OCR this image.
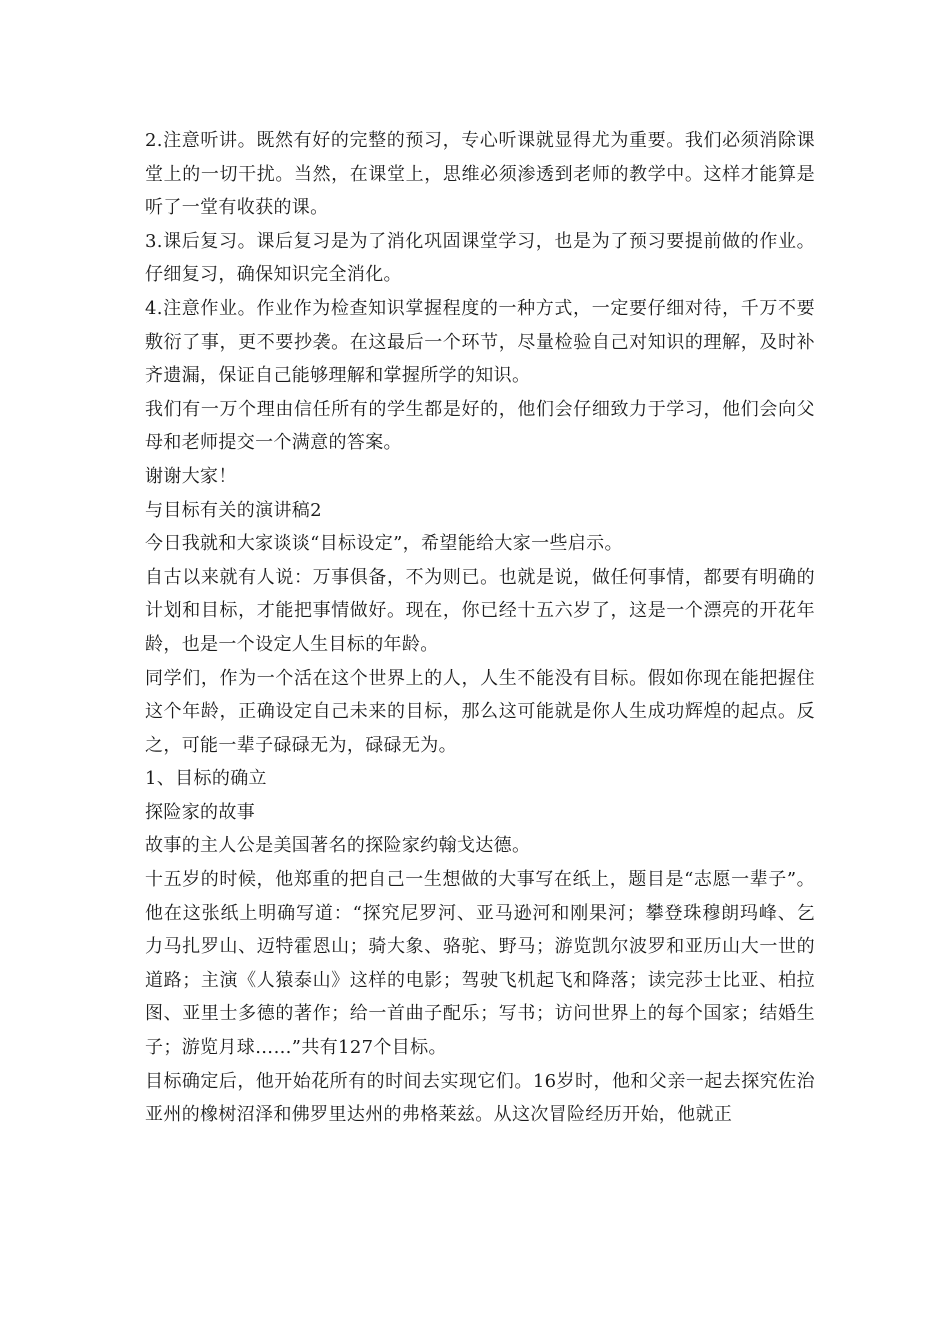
2.注意听讲。既然有好的完整的预习，专心听课就显得尤为重要。我们必须消除课堂上的一切干扰。当然，在课堂上，思维必须渗透到老师的教学中。这样才能算是听了一堂有收获的课。

3.课后复习。课后复习是为了消化巩固课堂学习，也是为了预习要提前做的作业。仔细复习，确保知识完全消化。

4.注意作业。作业作为检查知识掌握程度的一种方式，一定要仔细对待，千万不要敷衍了事，更不要抄袭。在这最后一个环节，尽量检验自己对知识的理解，及时补齐遗漏，保证自己能够理解和掌握所学的知识。

我们有一万个理由信任所有的学生都是好的，他们会仔细致力于学习，他们会向父母和老师提交一个满意的答案。

谢谢大家！

与目标有关的演讲稿2

今日我就和大家谈谈“目标设定”，希望能给大家一些启示。

自古以来就有人说：万事俱备，不为则已。也就是说，做任何事情，都要有明确的计划和目标，才能把事情做好。现在，你已经十五六岁了，这是一个漂亮的开花年龄，也是一个设定人生目标的年龄。

同学们，作为一个活在这个世界上的人，人生不能没有目标。假如你现在能把握住这个年龄，正确设定自己未来的目标，那么这可能就是你人生成功辉煌的起点。反之，可能一辈子碌碌无为，碌碌无为。

1、目标的确立

探险家的故事

故事的主人公是美国著名的探险家约翰戈达德。

十五岁的时候，他郑重的把自己一生想做的大事写在纸上，题目是“志愿一辈子”。他在这张纸上明确写道：“探究尼罗河、亚马逊河和刚果河；攀登珠穆朗玛峰、乞力马扎罗山、迈特霍恩山；骑大象、骆驼、野马；游览凯尔波罗和亚历山大一世的道路；主演《人猿泰山》这样的电影；驾驶飞机起飞和降落；读完莎士比亚、柏拉图、亚里士多德的著作；给一首曲子配乐；写书；访问世界上的每个国家；结婚生子；游览月球……”共有127个目标。

目标确定后，他开始花所有的时间去实现它们。16岁时，他和父亲一起去探究佐治亚州的橡树沼泽和佛罗里达州的弗格莱兹。从这次冒险经历开始，他就正
